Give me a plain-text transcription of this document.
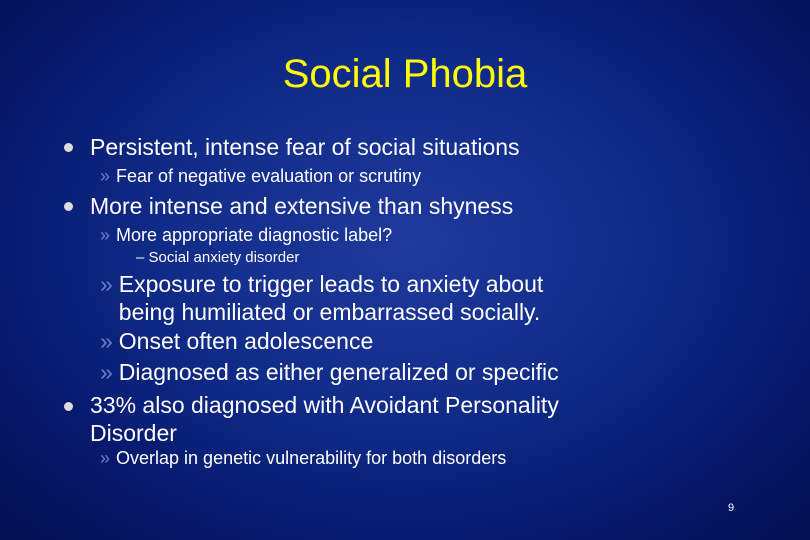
Social Phobia
Persistent, intense fear of social situations
» Fear of negative evaluation or scrutiny
More intense and extensive than shyness
» More appropriate diagnostic label?
– Social anxiety disorder
» Exposure to trigger leads to anxiety about
being humiliated or embarrassed socially.
» Onset often adolescence
» Diagnosed as either generalized or specific
33% also diagnosed with Avoidant Personality
Disorder
» Overlap in genetic vulnerability for both disorders
9
